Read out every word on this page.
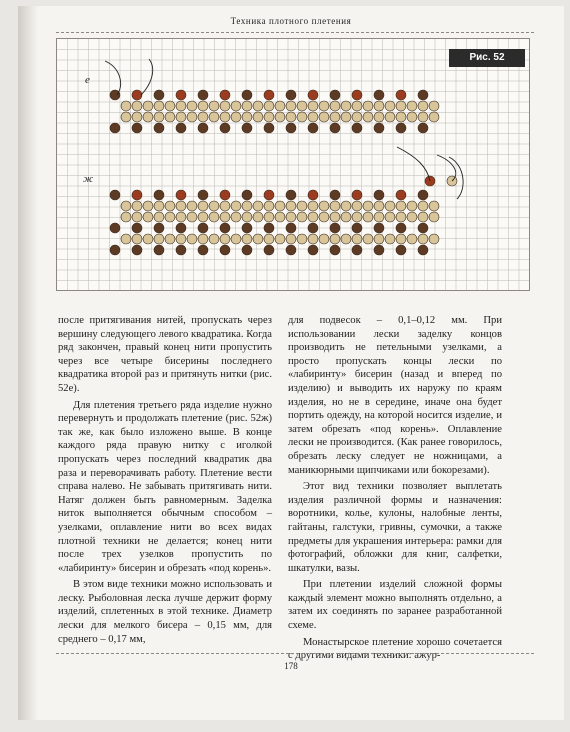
Техника плотного плетения
е
ж
Рис. 52

после притягивания нитей, пропускать через вершину следующего левого квадратика. Когда ряд закончен, правый конец нити пропустить через все четыре бисерины последнего квадратика второй раз и притянуть нитки (рис. 52е).

Для плетения третьего ряда изделие нужно перевернуть и продолжать плетение (рис. 52ж) так же, как было изложено выше. В конце каждого ряда правую нитку с иголкой пропускать через последний квадратик два раза и переворачивать работу. Плетение вести справа налево. Не забывать притягивать нити. Натяг должен быть равномерным. Заделка ниток выполняется обычным способом – узелками, оплавление нити во всех видах плотной техники не делается; конец нити после трех узелков пропустить по «лабиринту» бисерин и обрезать «под корень».

В этом виде техники можно использовать и леску. Рыболовная леска лучше держит форму изделий, сплетенных в этой технике. Диаметр лески для мелкого бисера – 0,15 мм, для среднего – 0,17 мм,

для подвесок – 0,1–0,12 мм. При использовании лески заделку концов производить не петельными узелками, а просто пропускать концы лески по «лабиринту» бисерин (назад и вперед по изделию) и выводить их наружу по краям изделия, но не в середине, иначе она будет портить одежду, на которой носится изделие, и затем обрезать «под корень». Оплавление лески не производится. (Как ранее говорилось, обрезать леску следует не ножницами, а маникюрными щипчиками или бокорезами).

Этот вид техники позволяет выплетать изделия различной формы и назначения: воротники, колье, кулоны, налобные ленты, гайтаны, галстуки, гривны, сумочки, а также предметы для украшения интерьера: рамки для фотографий, обложки для книг, салфетки, шкатулки, вазы.

При плетении изделий сложной формы каждый элемент можно выполнять отдельно, а затем их соединять по заранее разработанной схеме.

Монастырское плетение хорошо сочетается с другими видами техники: ажур-

178
